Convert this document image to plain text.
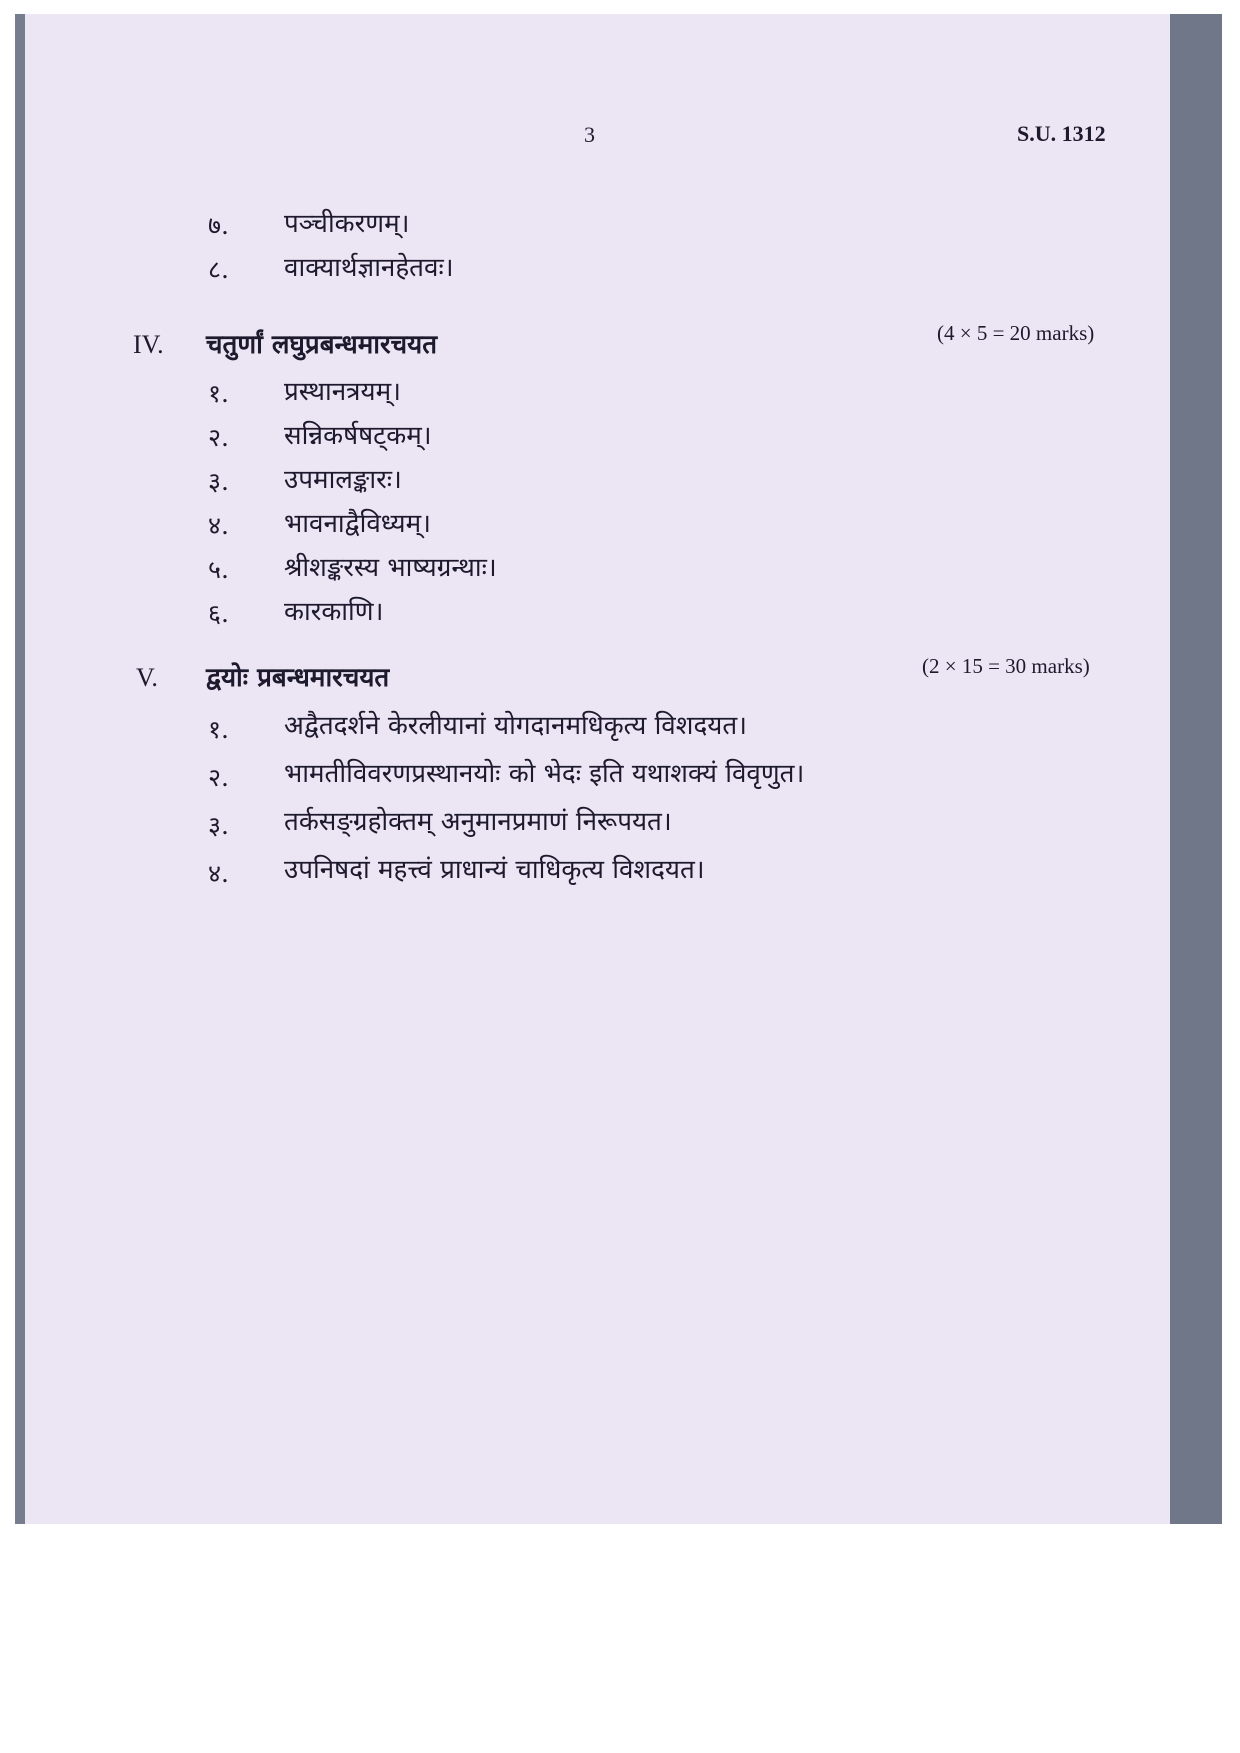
3	S.U. 1312
७. पञ्चीकरणम्।
८. वाक्यार्थज्ञानहेतवः।
IV. चतुर्णां लघुप्रबन्धमारचयत	(4 × 5 = 20 marks)
१. प्रस्थानत्रयम्।
२. सन्निकर्षषट्कम्।
३. उपमालङ्कारः।
४. भावनाद्वैविध्यम्।
५. श्रीशङ्करस्य भाष्यग्रन्थाः।
६. कारकाणि।
V. द्वयोः प्रबन्धमारचयत	(2 × 15 = 30 marks)
१. अद्वैतदर्शने केरलीयानां योगदानमधिकृत्य विशदयत।
२. भामतीविवरणप्रस्थानयोः को भेदः इति यथाशक्यं विवृणुत।
३. तर्कसङ्ग्रहोक्तम् अनुमानप्रमाणं निरूपयत।
४. उपनिषदां महत्त्वं प्राधान्यं चाधिकृत्य विशदयत।
